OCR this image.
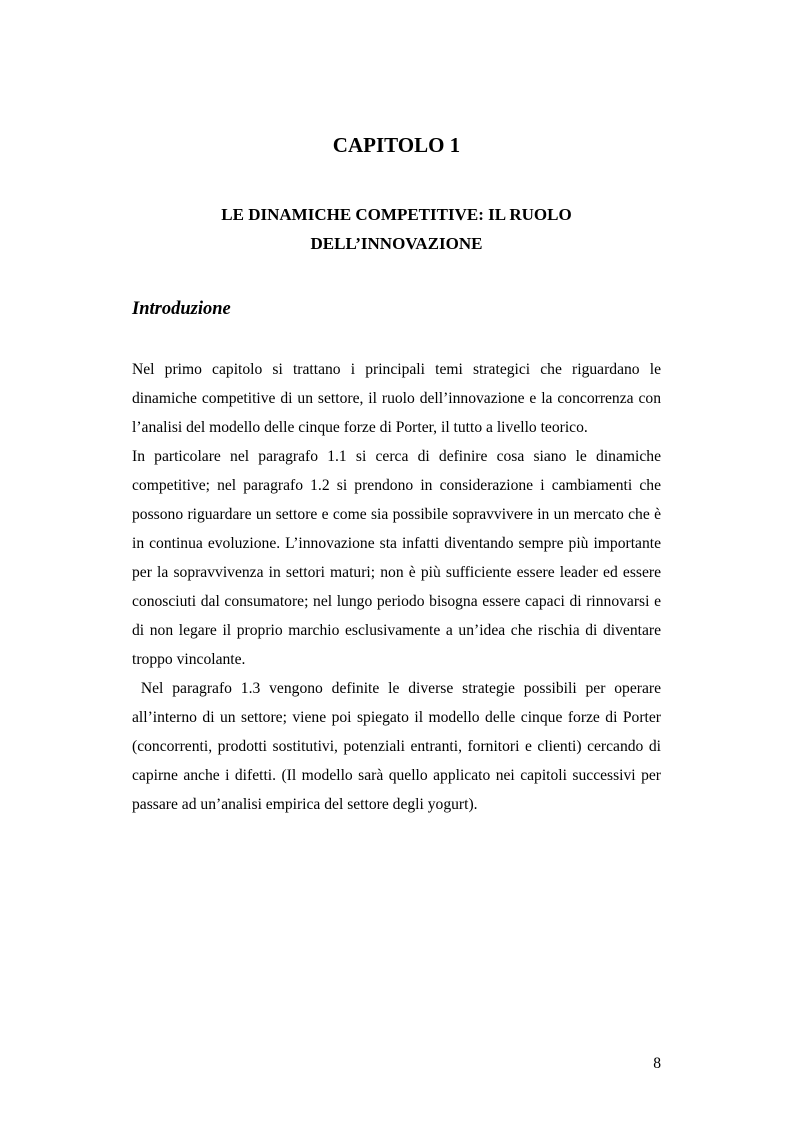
CAPITOLO 1
LE DINAMICHE COMPETITIVE: IL RUOLO
DELL’INNOVAZIONE
Introduzione

Nel primo capitolo si trattano i principali temi strategici che riguardano le dinamiche competitive di un settore, il ruolo dell’innovazione e la concorrenza con l’analisi del modello delle cinque forze di Porter, il tutto a livello teorico.

In particolare nel paragrafo 1.1 si cerca di definire cosa siano le dinamiche competitive; nel paragrafo 1.2 si prendono in considerazione i cambiamenti che possono riguardare un settore e come sia possibile sopravvivere in un mercato che è in continua evoluzione. L’innovazione sta infatti diventando sempre più importante per la sopravvivenza in settori maturi; non è più sufficiente essere leader ed essere conosciuti dal consumatore; nel lungo periodo bisogna essere capaci di rinnovarsi e di non legare il proprio marchio esclusivamente a un’idea che rischia di diventare troppo vincolante.

Nel paragrafo 1.3 vengono definite le diverse strategie possibili per operare all’interno di un settore; viene poi spiegato il modello delle cinque forze di Porter (concorrenti, prodotti sostitutivi, potenziali entranti, fornitori e clienti) cercando di capirne anche i difetti. (Il modello sarà quello applicato nei capitoli successivi per passare ad un’analisi empirica del settore degli yogurt).

8
